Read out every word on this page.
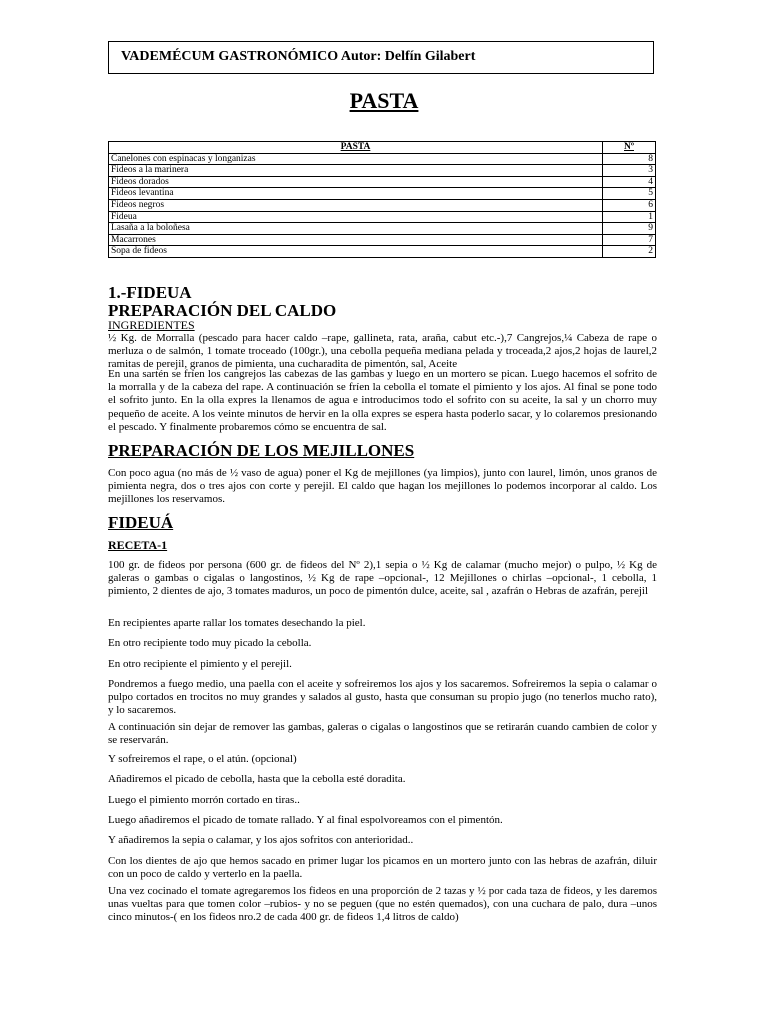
VADEMÉCUM GASTRONÓMICO Autor: Delfín Gilabert
PASTA
PASTA	Nº
Canelones con espinacas y longanizas	8
Fideos a la marinera	3
Fideos dorados	4
Fideos levantina	5
Fideos negros	6
Fideua	1
Lasaña a la boloñesa	9
Macarrones	7
Sopa de fideos	2
1.-FIDEUA
PREPARACIÓN DEL CALDO
INGREDIENTES
½ Kg. de Morralla (pescado para hacer caldo –rape, gallineta, rata, araña, cabut etc.-),7 Cangrejos,¼ Cabeza de rape o merluza o de salmón, 1 tomate troceado (100gr.), una cebolla pequeña mediana pelada y troceada,2 ajos,2 hojas de laurel,2 ramitas de perejil, granos de pimienta, una cucharadita de pimentón, sal, Aceite
En una sartén se fríen los cangrejos las cabezas de las gambas y luego en un mortero se pican. Luego hacemos el sofrito de la morralla y de la cabeza del rape. A continuación se fríen la cebolla el tomate el pimiento y los ajos. Al final se pone todo el sofrito junto. En la olla expres la llenamos de agua e introducimos todo el sofrito con su aceite, la sal y un chorro muy pequeño de aceite. A los veinte minutos de hervir en la olla expres se espera hasta poderlo sacar, y lo colaremos presionando el pescado. Y finalmente probaremos cómo se encuentra de sal.
PREPARACIÓN DE LOS MEJILLONES
Con poco agua (no más de ½ vaso de agua) poner el Kg de mejillones (ya limpios), junto con laurel, limón, unos granos de pimienta negra, dos o tres ajos con corte y perejil. El caldo que hagan los mejillones lo podemos incorporar al caldo. Los mejillones los reservamos.
FIDEUÁ
RECETA-1
100 gr. de fideos por persona (600 gr. de fideos del Nº 2),1 sepia o ½ Kg de calamar (mucho mejor) o pulpo, ½ Kg de galeras o gambas o cigalas o langostinos, ½ Kg de rape –opcional-, 12 Mejillones o chirlas –opcional-, 1 cebolla, 1 pimiento, 2 dientes de ajo, 3 tomates maduros, un poco de pimentón dulce, aceite, sal , azafrán o Hebras de azafrán, perejil
En recipientes aparte rallar los tomates desechando la piel.
En otro recipiente todo muy picado la cebolla.
En otro recipiente el pimiento y el perejil.
Pondremos a fuego medio, una paella con el aceite y sofreiremos los ajos y los sacaremos. Sofreiremos la sepia o calamar o pulpo cortados en trocitos no muy grandes y salados al gusto, hasta que consuman su propio jugo (no tenerlos mucho rato), y lo sacaremos.
A continuación sin dejar de remover las gambas, galeras o cigalas o langostinos que se retirarán cuando cambien de color y se reservarán.
Y sofreiremos el rape, o el atún. (opcional)
Añadiremos el picado de cebolla, hasta que la cebolla esté doradita.
Luego el pimiento morrón cortado en tiras..
Luego añadiremos el picado de tomate rallado. Y al final espolvoreamos con el pimentón.
Y añadiremos la sepia o calamar, y los ajos sofritos con anterioridad..
Con los dientes de ajo que hemos sacado en primer lugar los picamos en un mortero junto con las hebras de azafrán, diluir con un poco de caldo y verterlo en la paella.
Una vez cocinado el tomate agregaremos los fideos en una proporción de 2 tazas y ½ por cada taza de fideos, y les daremos unas vueltas para que tomen color –rubios- y no se peguen (que no estén quemados), con una cuchara de palo, dura –unos cinco minutos-( en los fideos nro.2 de cada 400 gr. de fideos 1,4 litros de caldo)
